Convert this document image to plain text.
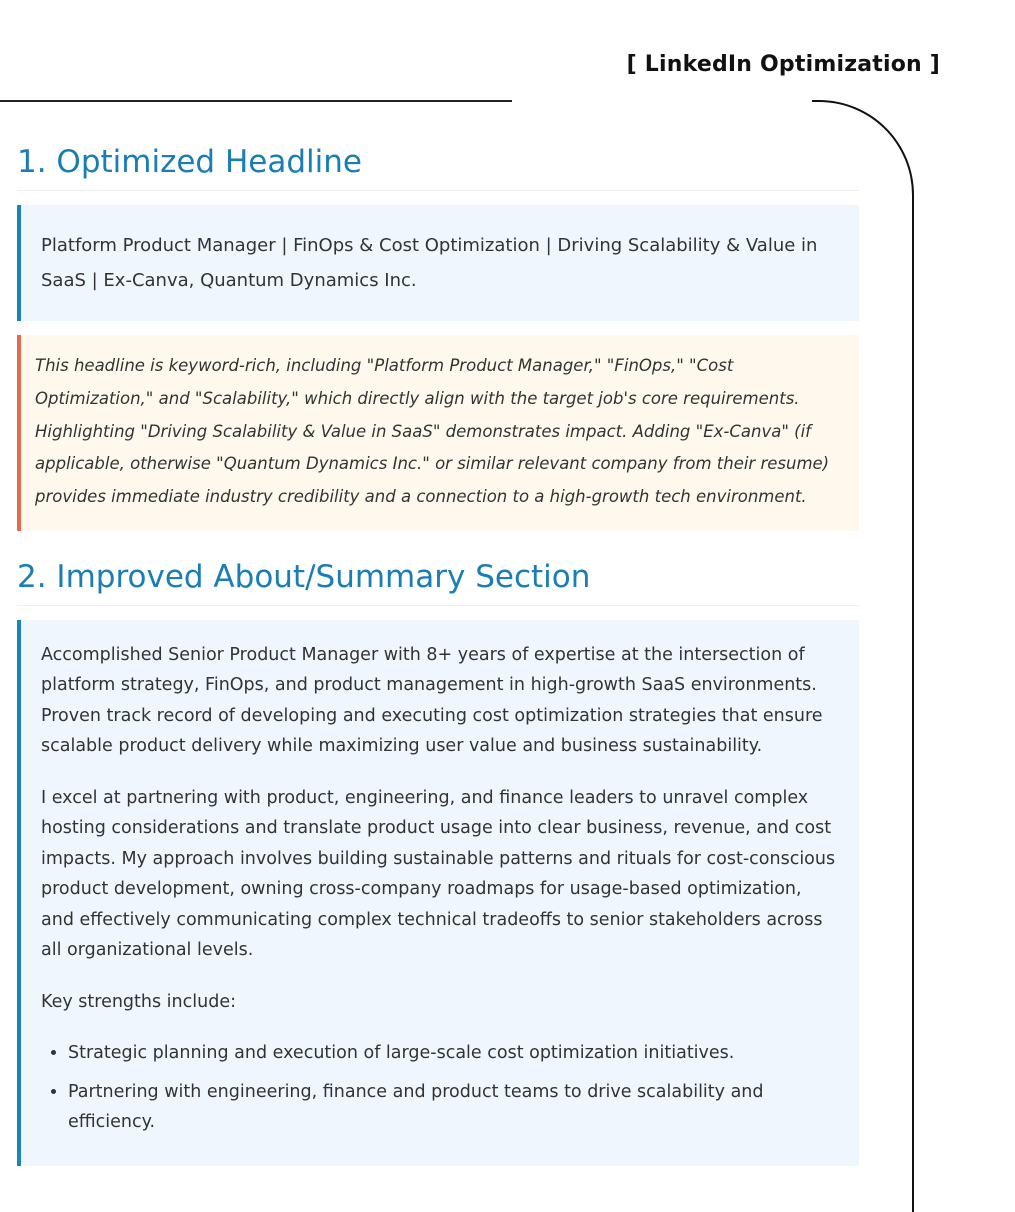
[ LinkedIn Optimization ]
1. Optimized Headline
Platform Product Manager | FinOps & Cost Optimization | Driving Scalability & Value in SaaS | Ex-Canva, Quantum Dynamics Inc.
This headline is keyword-rich, including "Platform Product Manager," "FinOps," "Cost Optimization," and "Scalability," which directly align with the target job's core requirements. Highlighting "Driving Scalability & Value in SaaS" demonstrates impact. Adding "Ex-Canva" (if applicable, otherwise "Quantum Dynamics Inc." or similar relevant company from their resume) provides immediate industry credibility and a connection to a high-growth tech environment.
2. Improved About/Summary Section

Accomplished Senior Product Manager with 8+ years of expertise at the intersection of platform strategy, FinOps, and product management in high-growth SaaS environments. Proven track record of developing and executing cost optimization strategies that ensure scalable product delivery while maximizing user value and business sustainability.

I excel at partnering with product, engineering, and finance leaders to unravel complex hosting considerations and translate product usage into clear business, revenue, and cost impacts. My approach involves building sustainable patterns and rituals for cost-conscious product development, owning cross-company roadmaps for usage-based optimization, and effectively communicating complex technical tradeoffs to senior stakeholders across all organizational levels.

Key strengths include:

• Strategic planning and execution of large-scale cost optimization initiatives.
• Partnering with engineering, finance and product teams to drive scalability and efficiency.
